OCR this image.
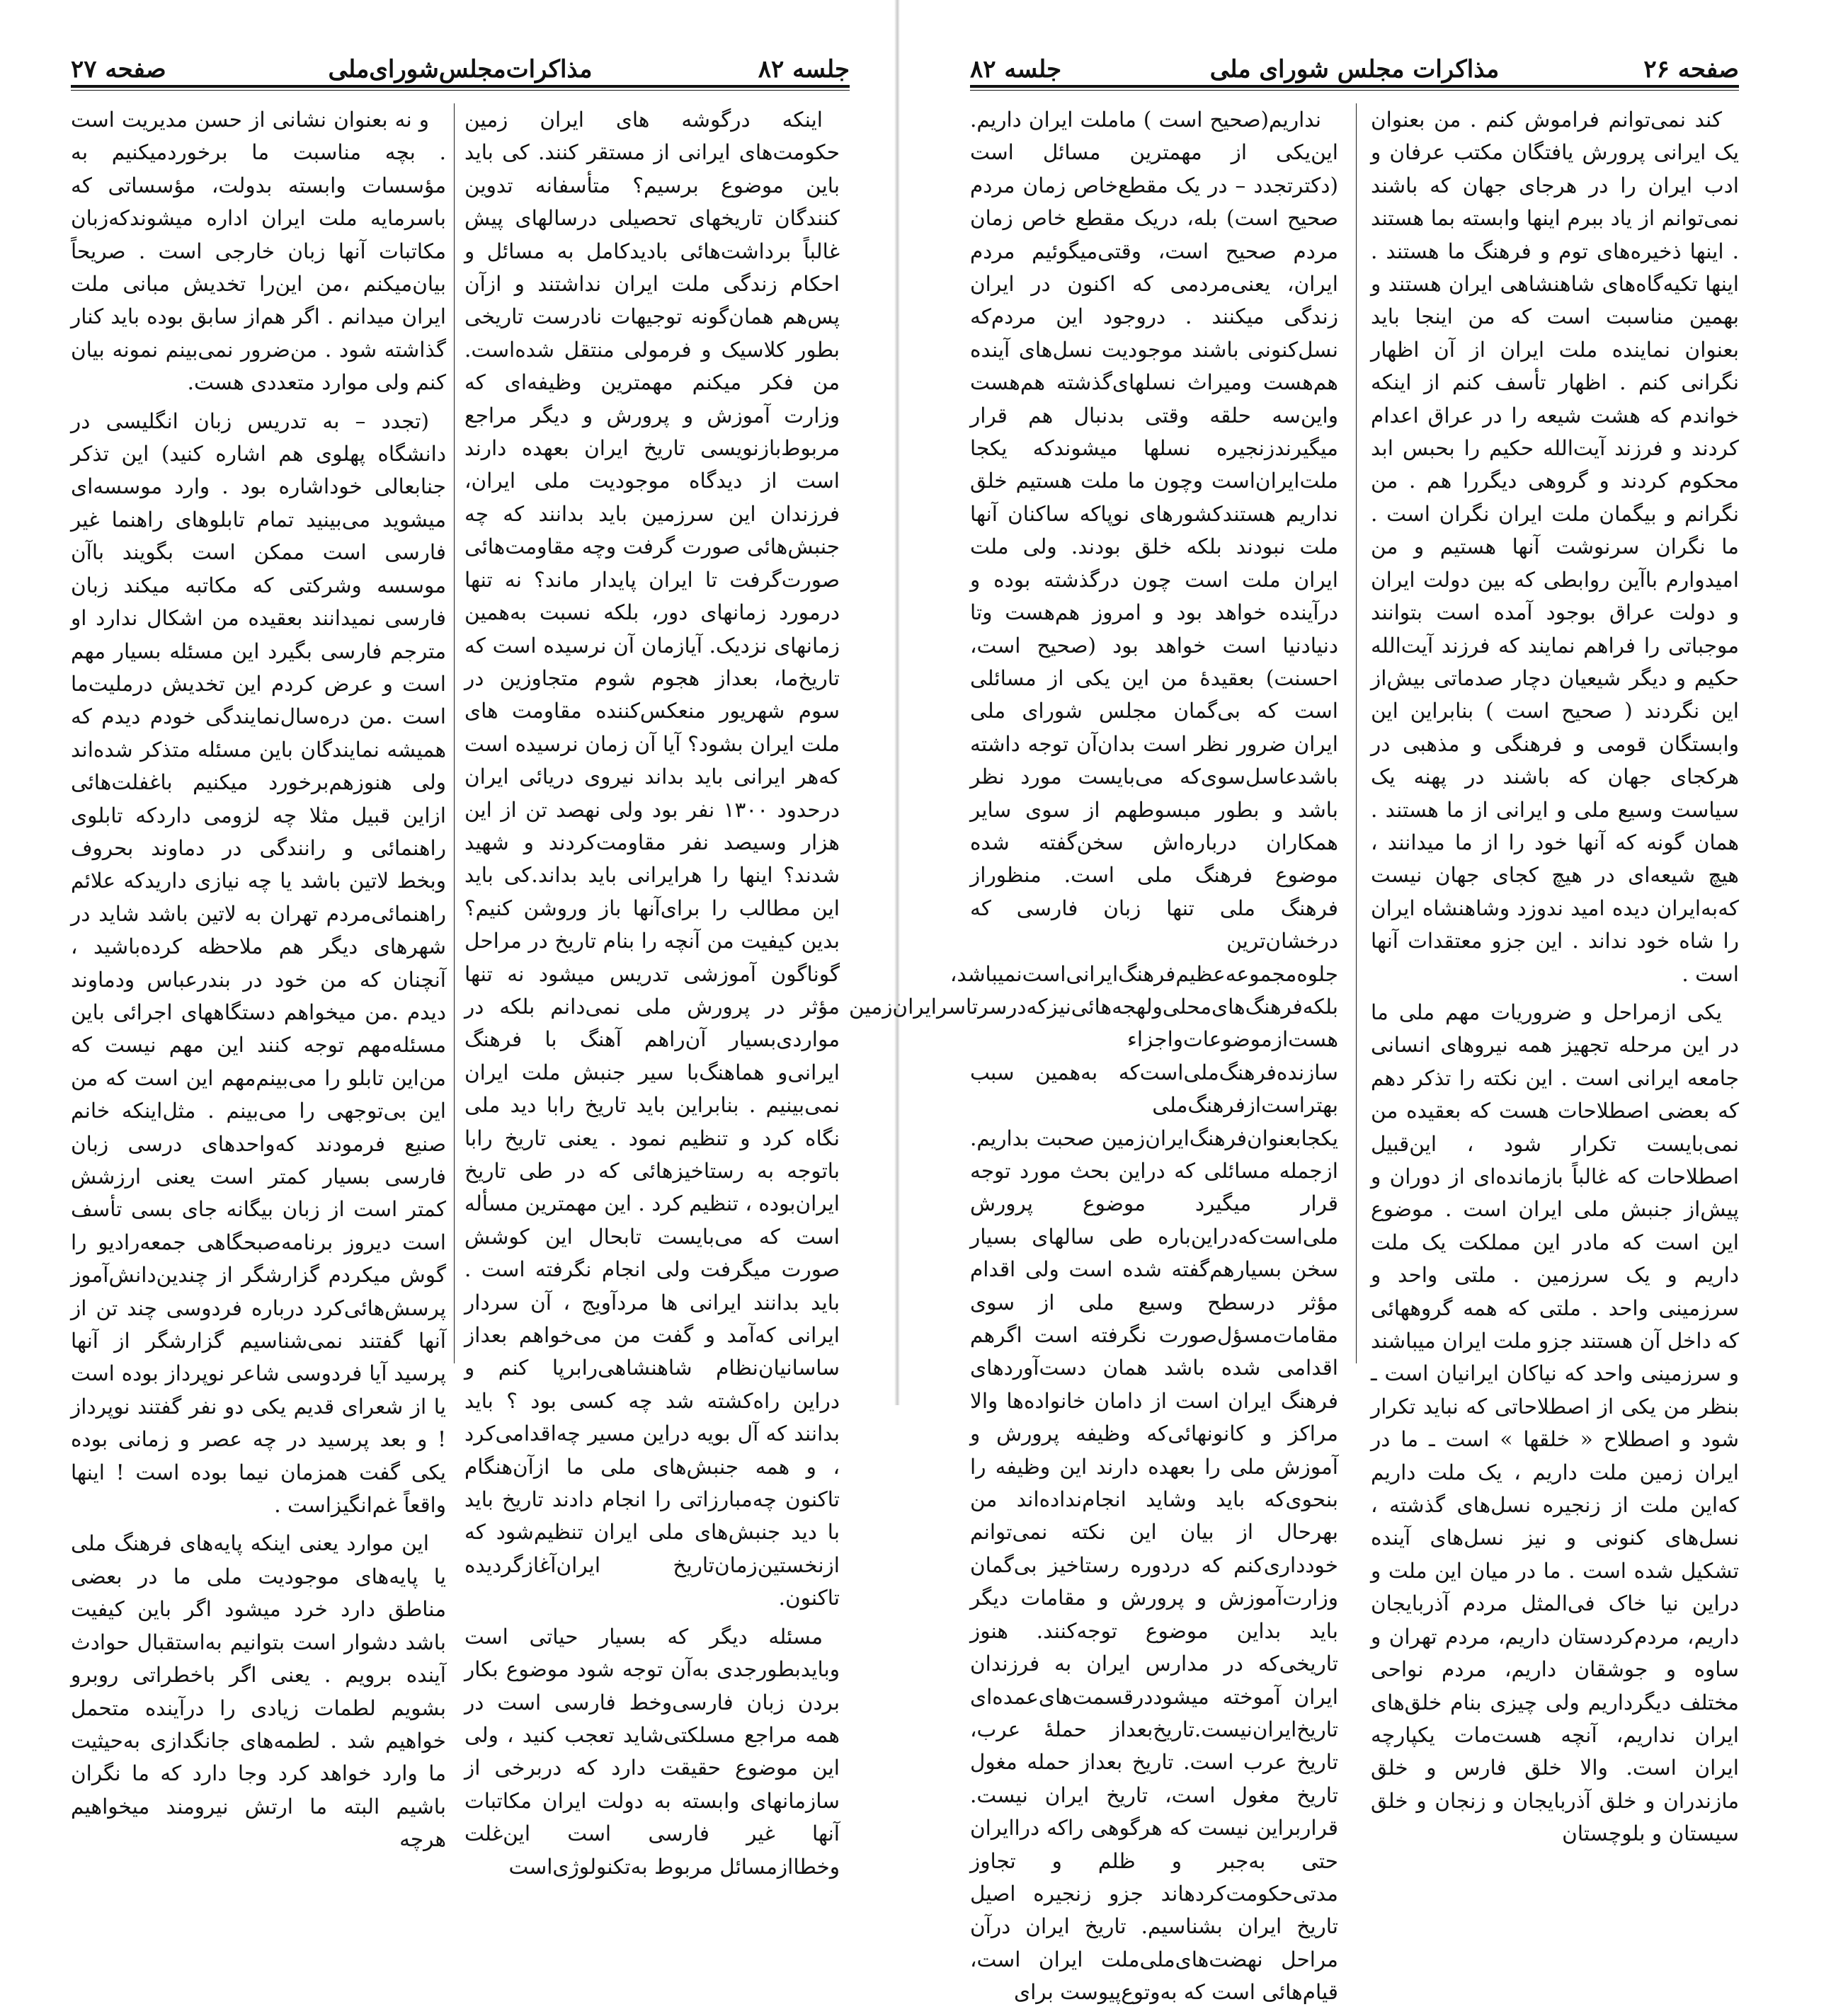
جلسه ۸۲
مذاکرات‌مجلس‌شورای‌ملی
صفحه ۲۷

اینکه درگوشه های ایران زمین حکومت‌های ایرانی از مستقر کنند. کی باید باین موضوع برسیم؟ متأسفانه تدوین کنندگان تاریخهای تحصیلی درسالهای پیش غالباً برداشت‌هائی بادیدکامل به مسائل و احکام زندگی ملت ایران نداشتند و ازآن پس‌هم همان‌گونه توجیهات نادرست تاریخی بطور کلاسیک و فرمولی منتقل شده‌است. من فکر میکنم مهمترین وظیفه‌ای که وزارت آموزش و پرورش و دیگر مراجع مربوط‌بازنویسی تاریخ ایران بعهده دارند است از دیدگاه موجودیت ملی ایران، فرزندان این سرزمین باید بدانند که چه جنبش‌هائی صورت گرفت وچه مقاومت‌هائی صورت‌گرفت تا ایران پایدار ماند؟ نه تنها درمورد زمانهای دور، بلکه نسبت به‌همین زمانهای نزدیک. آیازمان آن نرسیده است که تاریخ‌ما، بعداز هجوم شوم متجاوزین در سوم شهریور منعکس‌کننده مقاومت های ملت ایران بشود؟ آیا آن زمان نرسیده است که‌هر ایرانی باید بداند نیروی دریائی ایران درحدود ۱۳۰۰ نفر بود ولی نهصد تن از این هزار وسیصد نفر مقاومت‌کردند و شهید شدند؟ اینها را هرایرانی باید بداند.کی باید این مطالب را برای‌آنها باز وروشن کنیم؟ بدین کیفیت من آنچه را بنام تاریخ در مراحل گوناگون آموزشی تدریس میشود نه تنها مؤثر در پرورش ملی نمی‌دانم بلکه در مواردی‌بسیار آن‌راهم آهنگ با فرهنگ ایرانی‌و هماهنگ‌با سیر جنبش ملت ایران نمی‌بینیم . بنابراین باید تاریخ رابا دید ملی نگاه کرد و تنظیم نمود . یعنی تاریخ رابا باتوجه به رستاخیزهائی که در طی تاریخ ایران‌بوده ، تنظیم کرد . این مهمترین مسأله است که می‌بایست تابحال این کوشش صورت میگرفت ولی انجام نگرفته است . باید بدانند ایرانی ها مردآویج ، آن سردار ایرانی که‌آمد و گفت من می‌خواهم بعداز ساسانیان‌نظام شاهنشاهی‌رابرپا کنم و دراین راه‌کشته شد چه کسی بود ؟ باید بدانند که آل بویه دراین مسیر چه‌اقدامی‌کرد ، و همه جنبش‌های ملی ما ازآن‌هنگام تاکنون چه‌مبارزاتی را انجام دادند تاریخ باید با دید جنبش‌های ملی ایران تنظیم‌شود که ازنخستین‌زمان‌تاریخ ایران‌آغازگردیده تاکنون.

مسئله دیگر که بسیار حیاتی است وبایدبطورجدی به‌آن توجه شود موضوع بکار بردن زبان فارسی‌وخط فارسی است در همه مراجع مسلکتی‌شاید تعجب کنید ، ولی این موضوع حقیقت دارد که دربرخی از سازمانهای وابسته به دولت ایران مکاتبات آنها غیر فارسی است این‌غلت وخطاازمسائل مربوط به‌تکنولوژی‌است

و نه بعنوان نشانی از حسن مدیریت است . بچه مناسبت ما برخوردمیکنیم به مؤسسات وابسته بدولت، مؤسساتی که باسرمایه ملت ایران اداره میشوندکه‌زبان مکاتبات آنها زبان خارجی است . صریحاً بیان‌میکنم ،من این‌را تخدیش مبانی ملت ایران میدانم . اگر هم‌از سابق بوده باید کنار گذاشته شود . من‌ضرور نمی‌بینم نمونه بیان کنم ولی موارد متعددی هست.

(تجدد – به تدریس زبان انگلیسی در دانشگاه پهلوی هم اشاره کنید) این تذکر جنابعالی خوداشاره بود . وارد موسسه‌ای میشوید می‌بینید تمام تابلوهای راهنما غیر فارسی است ممکن است بگویند باآن موسسه وشرکتی که مکاتبه میکند زبان فارسی نمیدانند بعقیده من اشکال ندارد او مترجم فارسی بگیرد این مسئله بسیار مهم است و عرض کردم این تخدیش درملیت‌ما است .من دره‌سال‌نمایندگی خودم دیدم که همیشه نمایندگان باین مسئله متذکر شده‌اند ولی هنوزهم‌برخورد میکنیم باغفلت‌هائی ازاین قبیل مثلا چه لزومی داردکه تابلوی راهنمائی و رانندگی در دماوند بحروف وبخط لاتین باشد یا چه نیازی داریدکه علائم راهنمائی‌مردم تهران به لاتین باشد شاید در شهرهای دیگر هم ملاحظه کرده‌باشید ، آنچنان که من خود در بندرعباس ودماوند دیدم .من میخواهم دستگاههای اجرائی باین مسئله‌مهم توجه کنند این مهم نیست که من‌این تابلو را می‌بینم‌مهم این است که من این بی‌توجهی را می‌بینم . مثل‌اینکه خانم صنیع فرمودند که‌واحدهای درسی زبان فارسی بسیار کمتر است یعنی ارزشش کمتر است از زبان بیگانه جای بسی تأسف است دیروز برنامه‌صبحگاهی جمعه‌رادیو را گوش میکردم گزارشگر از چندین‌دانش‌آموز پرسش‌هائی‌کرد درباره فردوسی چند تن از آنها گفتند نمی‌شناسیم گزارشگر از آنها پرسید آیا فردوسی شاعر نوپرداز بوده است یا از شعرای قدیم یکی دو نفر گفتند نوپرداز ! و بعد پرسید در چه عصر و زمانی بوده یکی گفت همزمان نیما بوده است ! اینها واقعاً غم‌انگیزاست .

این موارد یعنی اینکه پایه‌های فرهنگ ملی یا پایه‌های موجودیت ملی ما در بعضی مناطق دارد خرد میشود اگر باین کیفیت باشد دشوار است بتوانیم به‌استقبال حوادث آینده برویم . یعنی اگر باخطراتی روبرو بشویم لطمات زیادی را درآینده متحمل خواهیم شد . لطمه‌های جانگدازی به‌حیثیت ما وارد خواهد کرد وجا دارد که ما نگران باشیم البته ما ارتش نیرومند میخواهیم هرچه

جلسه ۸۲	مذاکرات مجلس شورای ملی	صفحه ۲۶

کند نمی‌توانم فراموش کنم . من بعنوان یک ایرانی پرورش یافتگان مکتب عرفان و ادب ایران را در هرجای جهان که باشند نمی‌توانم از یاد ببرم اینها وابسته بما هستند . اینها ذخیره‌های توم و فرهنگ ما هستند . اینها تکیه‌گاه‌های شاهنشاهی ایران هستند و بهمین مناسبت است که من اینجا باید بعنوان نماینده ملت ایران از آن اظهار نگرانی کنم . اظهار تأسف کنم از اینکه خواندم که هشت شیعه را در عراق اعدام کردند و فرزند آیت‌الله حکیم را بحبس ابد محکوم کردند و گروهی دیگررا هم . من نگرانم و بیگمان ملت ایران نگران است . ما نگران سرنوشت آنها هستیم و من امیدوارم باآین روابطی که بین دولت ایران و دولت عراق بوجود آمده است بتوانند موجباتی را فراهم نمایند که فرزند آیت‌الله حکیم و دیگر شیعیان دچار صدماتی بیش‌از این نگردند ( صحیح است ) بنابراین این وابستگان قومی و فرهنگی و مذهبی در هرکجای جهان که باشند در پهنه یک سیاست وسیع ملی و ایرانی از ما هستند . همان گونه که آنها خود را از ما میدانند ، هیچ شیعه‌ای در هیچ کجای جهان نیست که‌به‌ایران دیده امید ندوزد وشاهنشاه ایران را شاه خود نداند . این جزو معتقدات آنها است .

یکی ازمراحل و ضروریات مهم ملی ما در این مرحله تجهیز همه نیروهای انسانی جامعه ایرانی است . این نکته را تذکر دهم که بعضی اصطلاحات هست که بعقیده من نمی‌بایست تکرار شود ، این‌قبیل اصطلاحات که غالباً بازمانده‌ای از دوران و پیش‌از جنبش ملی ایران است . موضوع این است که مادر این مملکت یک ملت داریم و یک سرزمین . ملتی واحد و سرزمینی واحد . ملتی که همه گروههائی که داخل آن هستند جزو ملت ایران میباشند و سرزمینی واحد که نیاکان ایرانیان است ـ بنظر من یکی از اصطلاحاتی که نباید تکرار شود و اصطلاح « خلقها » است ـ ما در ایران زمین ملت داریم ، یک ملت داریم که‌این ملت از زنجیره نسل‌های گذشته ، نسل‌های کنونی و نیز نسل‌های آینده تشکیل شده است . ما در میان این ملت و دراین نیا خاک فی‌المثل مردم آذربایجان داریم، مردم‌کردستان داریم، مردم تهران و ساوه و جوشقان داریم، مردم نواحی مختلف دیگرداریم ولی چیزی بنام خلق‌های ایران نداریم، آنچه هست‌مات یکپارچه ایران است. والا خلق فارس و خلق مازندران و خلق آذربایجان و زنجان و خلق سیستان و بلوچستان

نداریم(صحیح است ) ماملت ایران داریم. این‌یکی از مهمترین مسائل است (دکترتجدد – در یک مقطع‌خاص زمان مردم صحیح است) بله، دریک مقطع خاص زمان مردم صحیح است، وقتی‌میگوئیم مردم ایران، یعنی‌مردمی که اکنون در ایران زندگی میکنند . دروجود این مردم‌که نسل‌کنونی باشند موجودیت نسل‌های آینده هم‌هست ومیراث نسلهای‌گذشته هم‌هست واین‌سه حلقه وقتی بدنبال هم قرار میگیرندزنجیره نسلها میشوندکه یکجا ملت‌ایران‌است وچون ما ملت هستیم خلق نداریم هستند‌کشورهای نوپاکه ساکنان آنها ملت نبودند بلکه خلق بودند. ولی ملت ایران ملت است چون درگذشته بوده و درآینده خواهد بود و امروز هم‌هست وتا دنیادنیا است خواهد بود (صحیح است، احسنت) بعقیده‌ٔ من این یکی از مسائلی است که بی‌گمان مجلس شورای ملی ایران ضرور نظر است بدان‌آن توجه داشته باشدعاسل‌سوی‌که می‌بایست مورد نظر باشد و بطور مبسوطهم از سوی سایر همکاران درباره‌اش سخن‌گفته شده موضوع فرهنگ ملی است. منظوراز فرهنگ ملی تنها زبان فارسی که درخشان‌ترین جلوه‌مجموعه‌عظیم‌فرهنگ‌ایرانی‌است‌نمیباشد، بلکه‌فرهنگ‌های‌محلی‌ولهجه‌هائی‌نیزکه‌درسرتاسرایران‌زمین هست‌ازموضوعات‌واجزاء سازنده‌فرهنگ‌ملی‌است‌که به‌همین سبب بهتراست‌ازفرهنگ‌ملی یکجا‌بعنوان‌فرهنگ‌ایران‌زمین صحبت بداریم. ازجمله مسائلی که دراین بحث مورد توجه قرار میگیرد موضوع پرورش ملی‌است‌که‌دراین‌باره طی سالهای بسیار سخن بسیارهم‌گفته شده است ولی اقدام مؤثر درسطح وسیع ملی از سوی مقامات‌مسؤل‌صورت نگرفته است اگرهم اقدامی شده باشد همان دست‌آوردهای فرهنگ ایران است از دامان خانواده‌ها والا مراکز و کانونهائی‌که وظیفه پرورش و آموزش ملی را بعهده دارند این وظیفه را بنحوی‌که باید وشاید انجام‌نداده‌اند من بهرحال از بیان این نکته نمی‌توانم خودداری‌کنم که دردوره رستاخیز بی‌گمان وزارت‌آموزش و پرورش و مقامات دیگر باید بداین موضوع توجه‌کنند. هنوز تاریخی‌که در مدارس ایران به فرزندان ایران آموخته میشوددرقسمت‌های‌عمده‌ای تاریخ‌ایران‌نیست.تاریخ‌بعداز حملهٔ عرب، تاریخ عرب است. تاریخ بعداز حمله مغول تاریخ مغول است، تاریخ ایران نیست. قراربراین نیست که هرگوهی راکه دراایران حتی به‌جبر و ظلم و تجاوز مدتی‌حکومت‌کردهاند جزو زنجیره اصیل تاریخ ایران بشناسیم. تاریخ ایران درآن مراحل نهضت‌های‌ملی‌ملت ایران است، قیام‌هائی است که به‌وتوع‌پیوست برای
